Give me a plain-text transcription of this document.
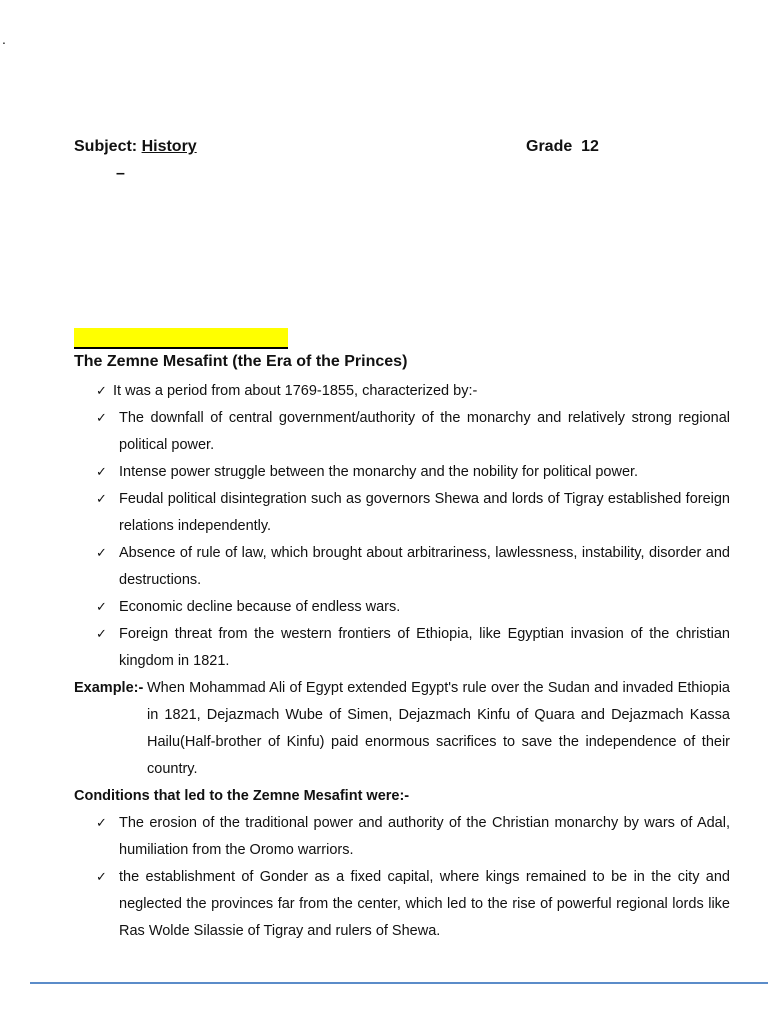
.
Subject: History	Grade  12
–
The Zemne Mesafint (the Era of the Princes)
✓ It was a period from about 1769-1855, characterized by:-
✓ The downfall of central government/authority of the monarchy and relatively strong regional political power.
✓ Intense power struggle between the monarchy and the nobility for political power.
✓ Feudal political disintegration such as governors Shewa and lords of Tigray established foreign relations independently.
✓ Absence of rule of law, which brought about arbitrariness, lawlessness, instability, disorder and destructions.
✓ Economic decline because of endless wars.
✓ Foreign threat from the western frontiers of Ethiopia, like Egyptian invasion of the christian kingdom in 1821.
Example:- When Mohammad Ali of Egypt extended Egypt's rule over the Sudan and invaded Ethiopia in 1821, Dejazmach Wube of Simen, Dejazmach Kinfu of Quara and Dejazmach Kassa Hailu(Half-brother of Kinfu) paid enormous sacrifices to save the independence of their country.
Conditions that led to the Zemne Mesafint were:-
✓ The erosion of the traditional power and authority of the Christian monarchy by wars of Adal, humiliation from the Oromo warriors.
✓ the establishment of Gonder as a fixed capital, where kings remained to be in the city and neglected the provinces far from the center, which led to the rise of powerful regional lords like Ras Wolde Silassie of Tigray and rulers of Shewa.
